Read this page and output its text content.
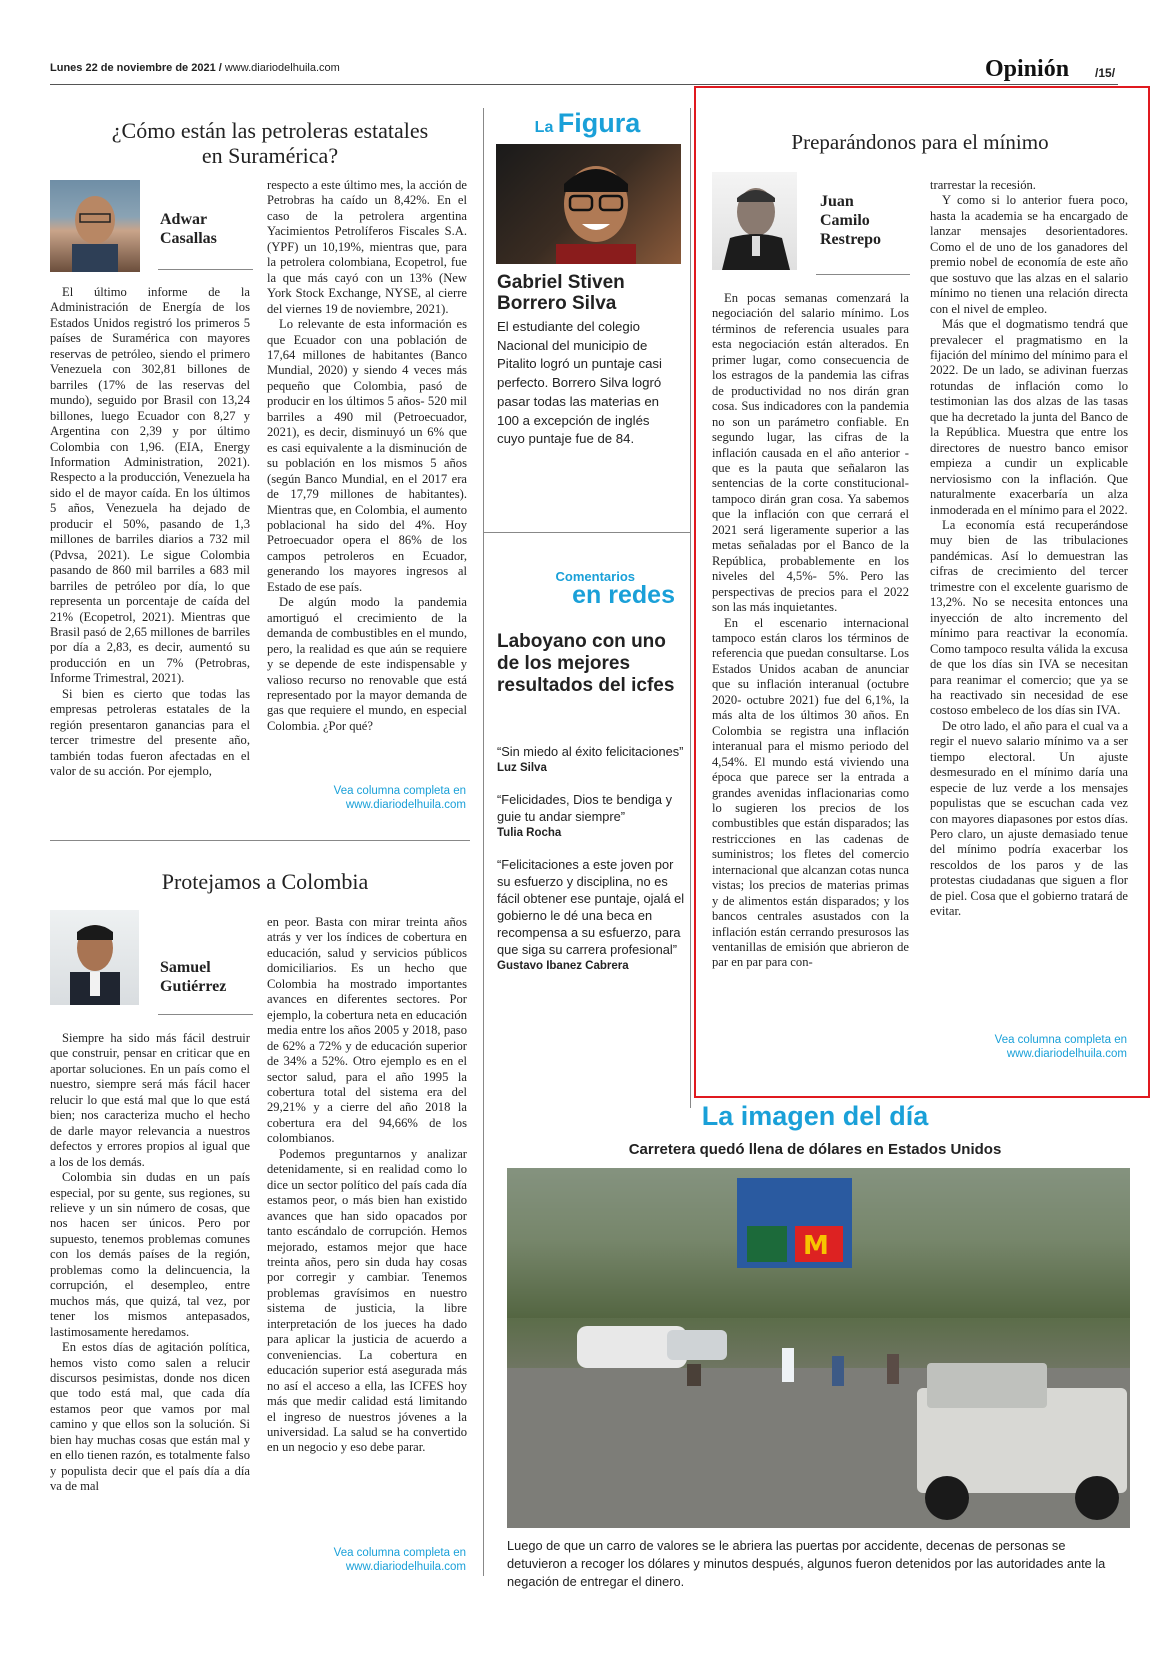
Lunes 22 de noviembre de 2021 / www.diariodelhuila.com	Opinión /15/
¿Cómo están las petroleras estatales en Suramérica?
Adwar Casallas

El último informe de la Administración de Energía de los Estados Unidos registró los primeros 5 países de Suramérica con mayores reservas de petróleo, siendo el primero Venezuela con 302,81 billones de barriles (17% de las reservas del mundo), seguido por Brasil con 13,24 billones, luego Ecuador con 8,27 y Argentina con 2,39 y por último Colombia con 1,96. (EIA, Energy Information Administration, 2021). Respecto a la producción, Venezuela ha sido el de mayor caída. En los últimos 5 años, Venezuela ha dejado de producir el 50%, pasando de 1,3 millones de barriles diarios a 732 mil (Pdvsa, 2021). Le sigue Colombia pasando de 860 mil barriles a 683 mil barriles de petróleo por día, lo que representa un porcentaje de caída del 21% (Ecopetrol, 2021). Mientras que Brasil pasó de 2,65 millones de barriles por día a 2,83, es decir, aumentó su producción en un 7% (Petrobras, Informe Trimestral, 2021).

Si bien es cierto que todas las empresas petroleras estatales de la región presentaron ganancias para el tercer trimestre del presente año, también todas fueron afectadas en el valor de su acción. Por ejemplo,

respecto a este último mes, la acción de Petrobras ha caído un 8,42%. En el caso de la petrolera argentina Yacimientos Petrolíferos Fiscales S.A. (YPF) un 10,19%, mientras que, para la petrolera colombiana, Ecopetrol, fue la que más cayó con un 13% (New York Stock Exchange, NYSE, al cierre del viernes 19 de noviembre, 2021).

Lo relevante de esta información es que Ecuador con una población de 17,64 millones de habitantes (Banco Mundial, 2020) y siendo 4 veces más pequeño que Colombia, pasó de producir en los últimos 5 años- 520 mil barriles a 490 mil (Petroecuador, 2021), es decir, disminuyó un 6% que es casi equivalente a la disminución de su población en los mismos 5 años (según Banco Mundial, en el 2017 era de 17,79 millones de habitantes). Mientras que, en Colombia, el aumento poblacional ha sido del 4%. Hoy Petroecuador opera el 86% de los campos petroleros en Ecuador, generando los mayores ingresos al Estado de ese país.

De algún modo la pandemia amortiguó el crecimiento de la demanda de combustibles en el mundo, pero, la realidad es que aún se requiere y se depende de este indispensable y valioso recurso no renovable que está representado por la mayor demanda de gas que requiere el mundo, en especial Colombia. ¿Por qué?

Vea columna completa en
www.diariodelhuila.com
Protejamos a Colombia
Samuel Gutiérrez

Siempre ha sido más fácil destruir que construir, pensar en criticar que en aportar soluciones. En un país como el nuestro, siempre será más fácil hacer relucir lo que está mal que lo que está bien; nos caracteriza mucho el hecho de darle mayor relevancia a nuestros defectos y errores propios al igual que a los de los demás.

Colombia sin dudas en un país especial, por su gente, sus regiones, su relieve y un sin número de cosas, que nos hacen ser únicos. Pero por supuesto, tenemos problemas comunes con los demás países de la región, problemas como la delincuencia, la corrupción, el desempleo, entre muchos más, que quizá, tal vez, por tener los mismos antepasados, lastimosamente heredamos.

En estos días de agitación política, hemos visto como salen a relucir discursos pesimistas, donde nos dicen que todo está mal, que cada día estamos peor que vamos por mal camino y que ellos son la solución. Si bien hay muchas cosas que están mal y en ello tienen razón, es totalmente falso y populista decir que el país día a día va de mal

en peor. Basta con mirar treinta años atrás y ver los índices de cobertura en educación, salud y servicios públicos domiciliarios. Es un hecho que Colombia ha mostrado importantes avances en diferentes sectores. Por ejemplo, la cobertura neta en educación media entre los años 2005 y 2018, paso de 62% a 72% y de educación superior de 34% a 52%. Otro ejemplo es en el sector salud, para el año 1995 la cobertura total del sistema era del 29,21% y a cierre del año 2018 la cobertura era del 94,66% de los colombianos.

Podemos preguntarnos y analizar detenidamente, si en realidad como lo dice un sector político del país cada día estamos peor, o más bien han existido avances que han sido opacados por tanto escándalo de corrupción. Hemos mejorado, estamos mejor que hace treinta años, pero sin duda hay cosas por corregir y cambiar. Tenemos problemas gravísimos en nuestro sistema de justicia, la libre interpretación de los jueces ha dado para aplicar la justicia de acuerdo a conveniencias. La cobertura en educación superior está asegurada más no así el acceso a ella, las ICFES hoy más que medir calidad está limitando el ingreso de nuestros jóvenes a la universidad. La salud se ha convertido en un negocio y eso debe parar.

Vea columna completa en
www.diariodelhuila.com
La Figura
Gabriel Stiven Borrero Silva
El estudiante del colegio Nacional del municipio de Pitalito logró un puntaje casi perfecto. Borrero Silva logró pasar todas las materias en 100 a excepción de inglés cuyo puntaje fue de 84.
Comentarios
en redes
Laboyano con uno de los mejores resultados del icfes

“Sin miedo al éxito felicitaciones”

Luz Silva

“Felicidades, Dios te bendiga y guie tu andar siempre”

Tulia Rocha

“Felicitaciones a este joven por su esfuerzo y disciplina, no es fácil obtener ese puntaje, ojalá el gobierno le dé una beca en recompensa a su esfuerzo, para que siga su carrera profesional”

Gustavo Ibanez Cabrera

Preparándonos para el mínimo
Juan Camilo Restrepo

En pocas semanas comenzará la negociación del salario mínimo. Los términos de referencia usuales para esta negociación están alterados. En primer lugar, como consecuencia de los estragos de la pandemia las cifras de productividad no nos dirán gran cosa. Sus indicadores con la pandemia no son un parámetro confiable. En segundo lugar, las cifras de la inflación causada en el año anterior -que es la pauta que señalaron las sentencias de la corte constitucional- tampoco dirán gran cosa. Ya sabemos que la inflación con que cerrará el 2021 será ligeramente superior a las metas señaladas por el Banco de la República, probablemente en los niveles del 4,5%- 5%. Pero las perspectivas de precios para el 2022 son las más inquietantes.

En el escenario internacional tampoco están claros los términos de referencia que puedan consultarse. Los Estados Unidos acaban de anunciar que su inflación interanual (octubre 2020- octubre 2021) fue del 6,1%, la más alta de los últimos 30 años. En Colombia se registra una inflación interanual para el mismo periodo del 4,54%. El mundo está viviendo una época que parece ser la entrada a grandes avenidas inflacionarias como lo sugieren los precios de los combustibles que están disparados; las restricciones en las cadenas de suministros; los fletes del comercio internacional que alcanzan cotas nunca vistas; los precios de materias primas y de alimentos están disparados; y los bancos centrales asustados con la inflación están cerrando presurosos las ventanillas de emisión que abrieron de par en par para con-

trarrestar la recesión.

Y como si lo anterior fuera poco, hasta la academia se ha encargado de lanzar mensajes desorientadores. Como el de uno de los ganadores del premio nobel de economía de este año que sostuvo que las alzas en el salario mínimo no tienen una relación directa con el nivel de empleo.

Más que el dogmatismo tendrá que prevalecer el pragmatismo en la fijación del mínimo del mínimo para el 2022. De un lado, se adivinan fuerzas rotundas de inflación como lo testimonian las dos alzas de las tasas que ha decretado la junta del Banco de la República. Muestra que entre los directores de nuestro banco emisor empieza a cundir un explicable nerviosismo con la inflación. Que naturalmente exacerbaría un alza inmoderada en el mínimo para el 2022.

La economía está recuperándose muy bien de las tribulaciones pandémicas. Así lo demuestran las cifras de crecimiento del tercer trimestre con el excelente guarismo de 13,2%. No se necesita entonces una inyección de alto incremento del mínimo para reactivar la economía. Como tampoco resulta válida la excusa de que los días sin IVA se necesitan para reanimar el comercio; que ya se ha reactivado sin necesidad de ese costoso embeleco de los días sin IVA.

De otro lado, el año para el cual va a regir el nuevo salario mínimo va a ser tiempo electoral. Un ajuste desmesurado en el mínimo daría una especie de luz verde a los mensajes populistas que se escuchan cada vez con mayores diapasones por estos días. Pero claro, un ajuste demasiado tenue del mínimo podría exacerbar los rescoldos de los paros y de las protestas ciudadanas que siguen a flor de piel. Cosa que el gobierno tratará de evitar.

Vea columna completa en
www.diariodelhuila.com
La imagen del día
Carretera quedó llena de dólares en Estados Unidos
M
Luego de que un carro de valores se le abriera las puertas por accidente, decenas de personas se detuvieron a recoger los dólares y minutos después, algunos fueron detenidos por las autoridades ante la negación de entregar el dinero.
